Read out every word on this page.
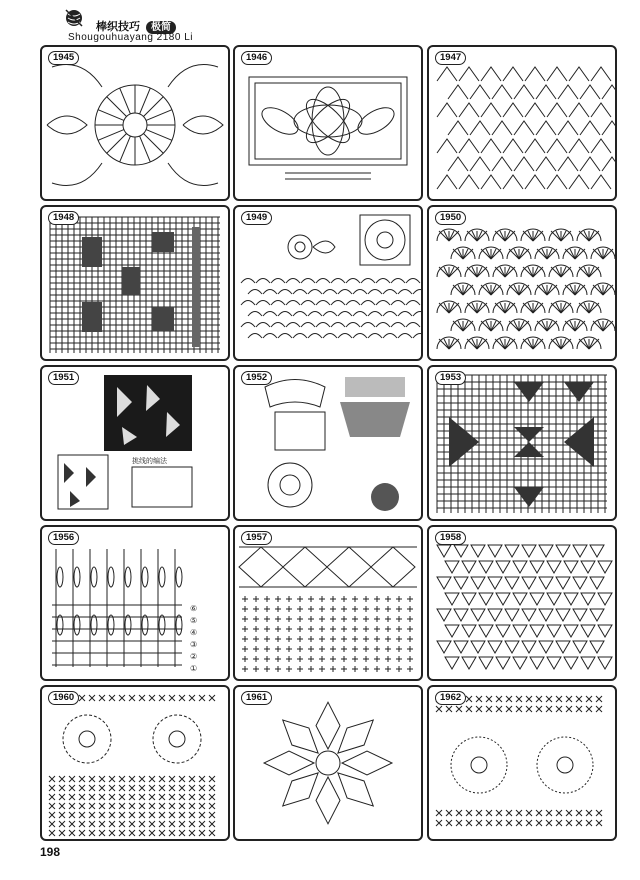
棒织技巧 极简
Shougouhuayang 2180 Li
1945	1946	1947
1948	1949	1950
1951
挑线的编法
1952	1953
1956
⑥
⑤
④
③
②
①
1957	1958
1960	1961	1962
198
